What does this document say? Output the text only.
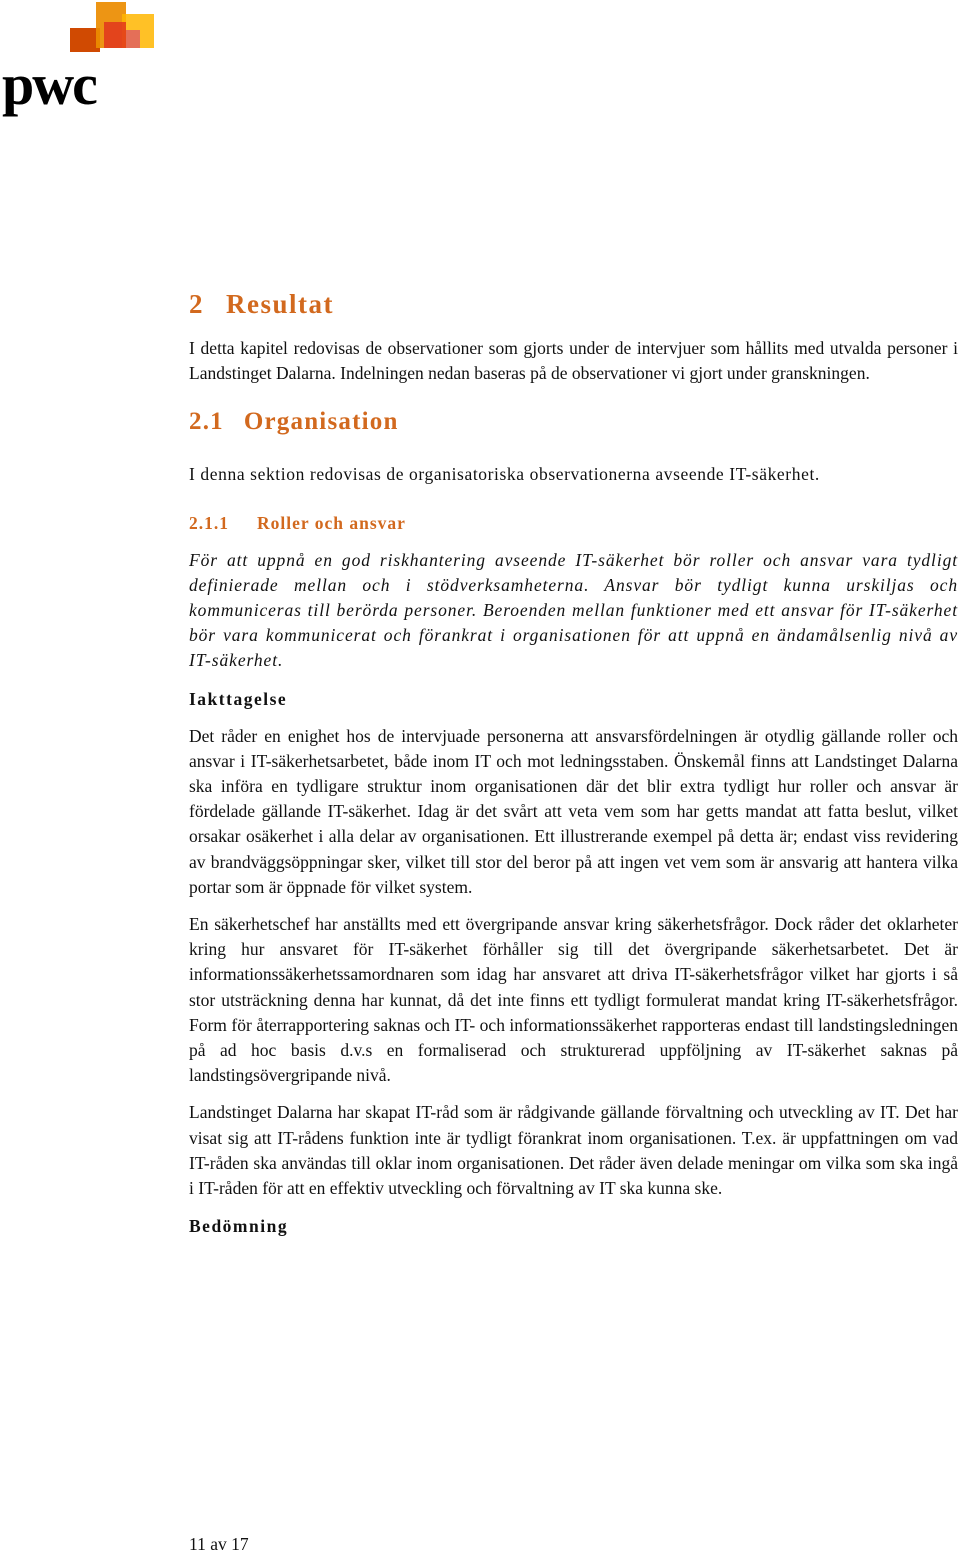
pwc
2 Resultat

I detta kapitel redovisas de observationer som gjorts under de intervjuer som hållits med utvalda personer i Landstinget Dalarna. Indelningen nedan baseras på de observationer vi gjort under granskningen.

2.1 Organisation

I denna sektion redovisas de organisatoriska observationerna avseende IT-säkerhet.

2.1.1 Roller och ansvar

För att uppnå en god riskhantering avseende IT-säkerhet bör roller och ansvar vara tydligt definierade mellan och i stödverksamheterna. Ansvar bör tydligt kunna urskiljas och kommuniceras till berörda personer. Beroenden mellan funktioner med ett ansvar för IT-säkerhet bör vara kommunicerat och förankrat i organisationen för att uppnå en ändamålsenlig nivå av IT-säkerhet.

Iakttagelse

Det råder en enighet hos de intervjuade personerna att ansvarsfördelningen är otydlig gällande roller och ansvar i IT-säkerhetsarbetet, både inom IT och mot ledningsstaben. Önskemål finns att Landstinget Dalarna ska införa en tydligare struktur inom organisationen där det blir extra tydligt hur roller och ansvar är fördelade gällande IT-säkerhet. Idag är det svårt att veta vem som har getts mandat att fatta beslut, vilket orsakar osäkerhet i alla delar av organisationen. Ett illustrerande exempel på detta är; endast viss revidering av brandväggsöppningar sker, vilket till stor del beror på att ingen vet vem som är ansvarig att hantera vilka portar som är öppnade för vilket system.

En säkerhetschef har anställts med ett övergripande ansvar kring säkerhetsfrågor. Dock råder det oklarheter kring hur ansvaret för IT-säkerhet förhåller sig till det övergripande säkerhetsarbetet. Det är informationssäkerhetssamordnaren som idag har ansvaret att driva IT-säkerhetsfrågor vilket har gjorts i så stor utsträckning denna har kunnat, då det inte finns ett tydligt formulerat mandat kring IT-säkerhetsfrågor. Form för återrapportering saknas och IT- och informationssäkerhet rapporteras endast till landstingsledningen på ad hoc basis d.v.s en formaliserad och strukturerad uppföljning av IT-säkerhet saknas på landstingsövergripande nivå.

Landstinget Dalarna har skapat IT-råd som är rådgivande gällande förvaltning och utveckling av IT. Det har visat sig att IT-rådens funktion inte är tydligt förankrat inom organisationen. T.ex. är uppfattningen om vad IT-råden ska användas till oklar inom organisationen. Det råder även delade meningar om vilka som ska ingå i IT-råden för att en effektiv utveckling och förvaltning av IT ska kunna ske.

Bedömning
11 av 17
